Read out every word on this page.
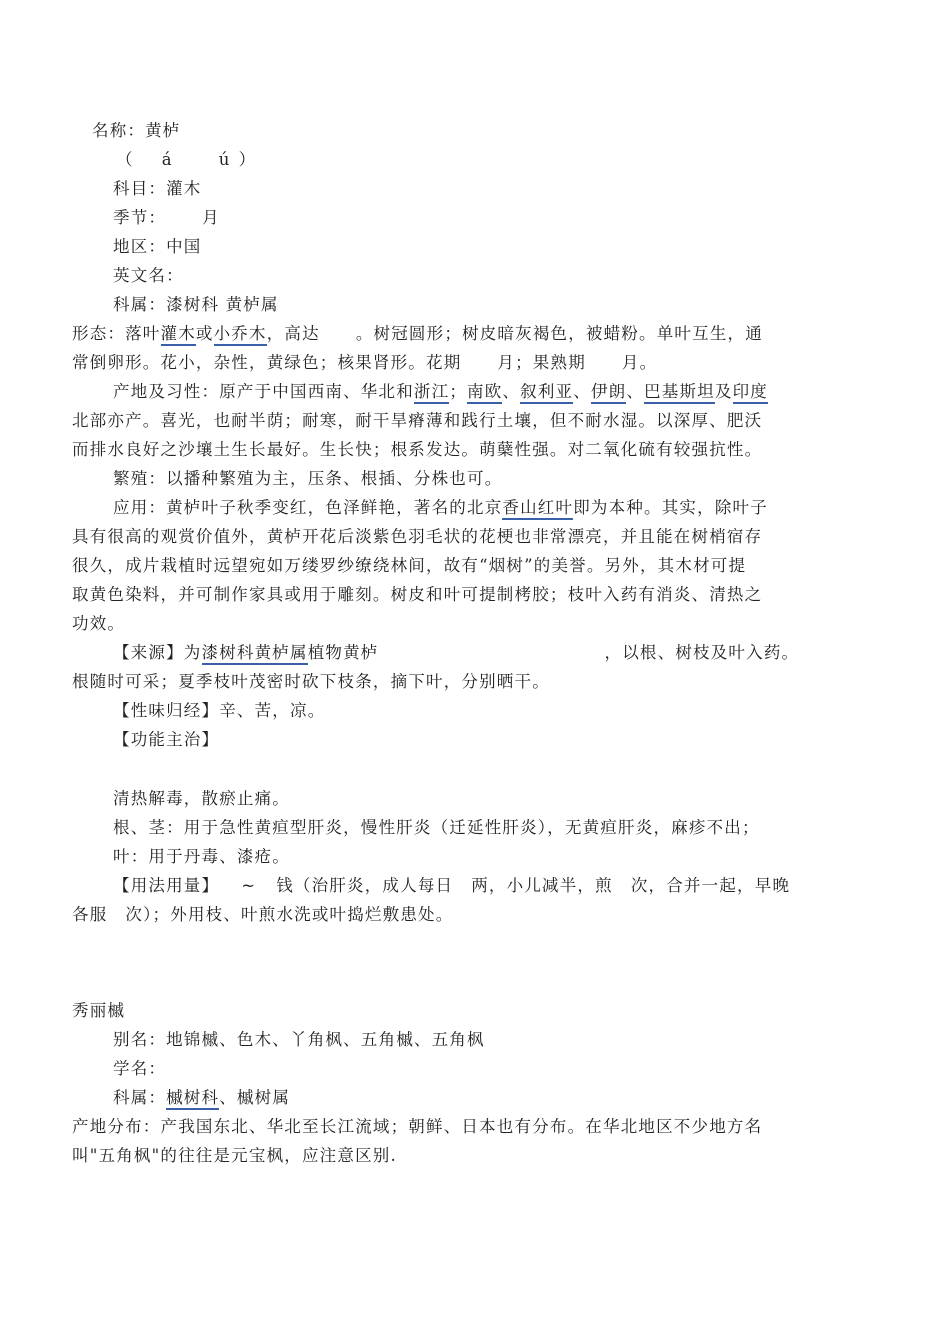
名称：黄栌
（ á	ú ）
科目：灌木
季节： 月
地区：中国
英文名：
科属：漆树科 黄栌属
形态：落叶灌木或小乔木，高达 。树冠圆形；树皮暗灰褐色，被蜡粉。单叶互生，通
常倒卵形。花小，杂性，黄绿色；核果肾形。花期 月；果熟期 月。
产地及习性：原产于中国西南、华北和浙江；南欧、叙利亚、伊朗、巴基斯坦及印度
北部亦产。喜光，也耐半荫；耐寒，耐干旱瘠薄和践行土壤，但不耐水湿。以深厚、肥沃
而排水良好之沙壤土生长最好。生长快；根系发达。萌蘖性强。对二氧化硫有较强抗性。
繁殖：以播种繁殖为主，压条、根插、分株也可。
应用：黄栌叶子秋季变红，色泽鲜艳，著名的北京香山红叶即为本种。其实，除叶子
具有很高的观赏价值外，黄栌开花后淡紫色羽毛状的花梗也非常漂亮，并且能在树梢宿存
很久，成片栽植时远望宛如万缕罗纱缭绕林间，故有“烟树”的美誉。另外，其木材可提
取黄色染料，并可制作家具或用于雕刻。树皮和叶可提制栲胶；枝叶入药有消炎、清热之
功效。
【来源】为漆树科黄栌属植物黄栌	，以根、树枝及叶入药。
根随时可采；夏季枝叶茂密时砍下枝条，摘下叶，分别晒干。
【性味归经】辛、苦，凉。
【功能主治】
清热解毒，散瘀止痛。
根、茎：用于急性黄疸型肝炎，慢性肝炎（迁延性肝炎），无黄疸肝炎，麻疹不出；
叶：用于丹毒、漆疮。
【用法用量】 ~ 钱（治肝炎，成人每日 两，小儿减半，煎 次，合并一起，早晚
各服 次）；外用枝、叶煎水洗或叶捣烂敷患处。
秀丽槭
别名：地锦槭、色木、丫角枫、五角槭、五角枫
学名：
科属：槭树科、槭树属
产地分布：产我国东北、华北至长江流域；朝鲜、日本也有分布。在华北地区不少地方名
叫"五角枫"的往往是元宝枫，应注意区别.
